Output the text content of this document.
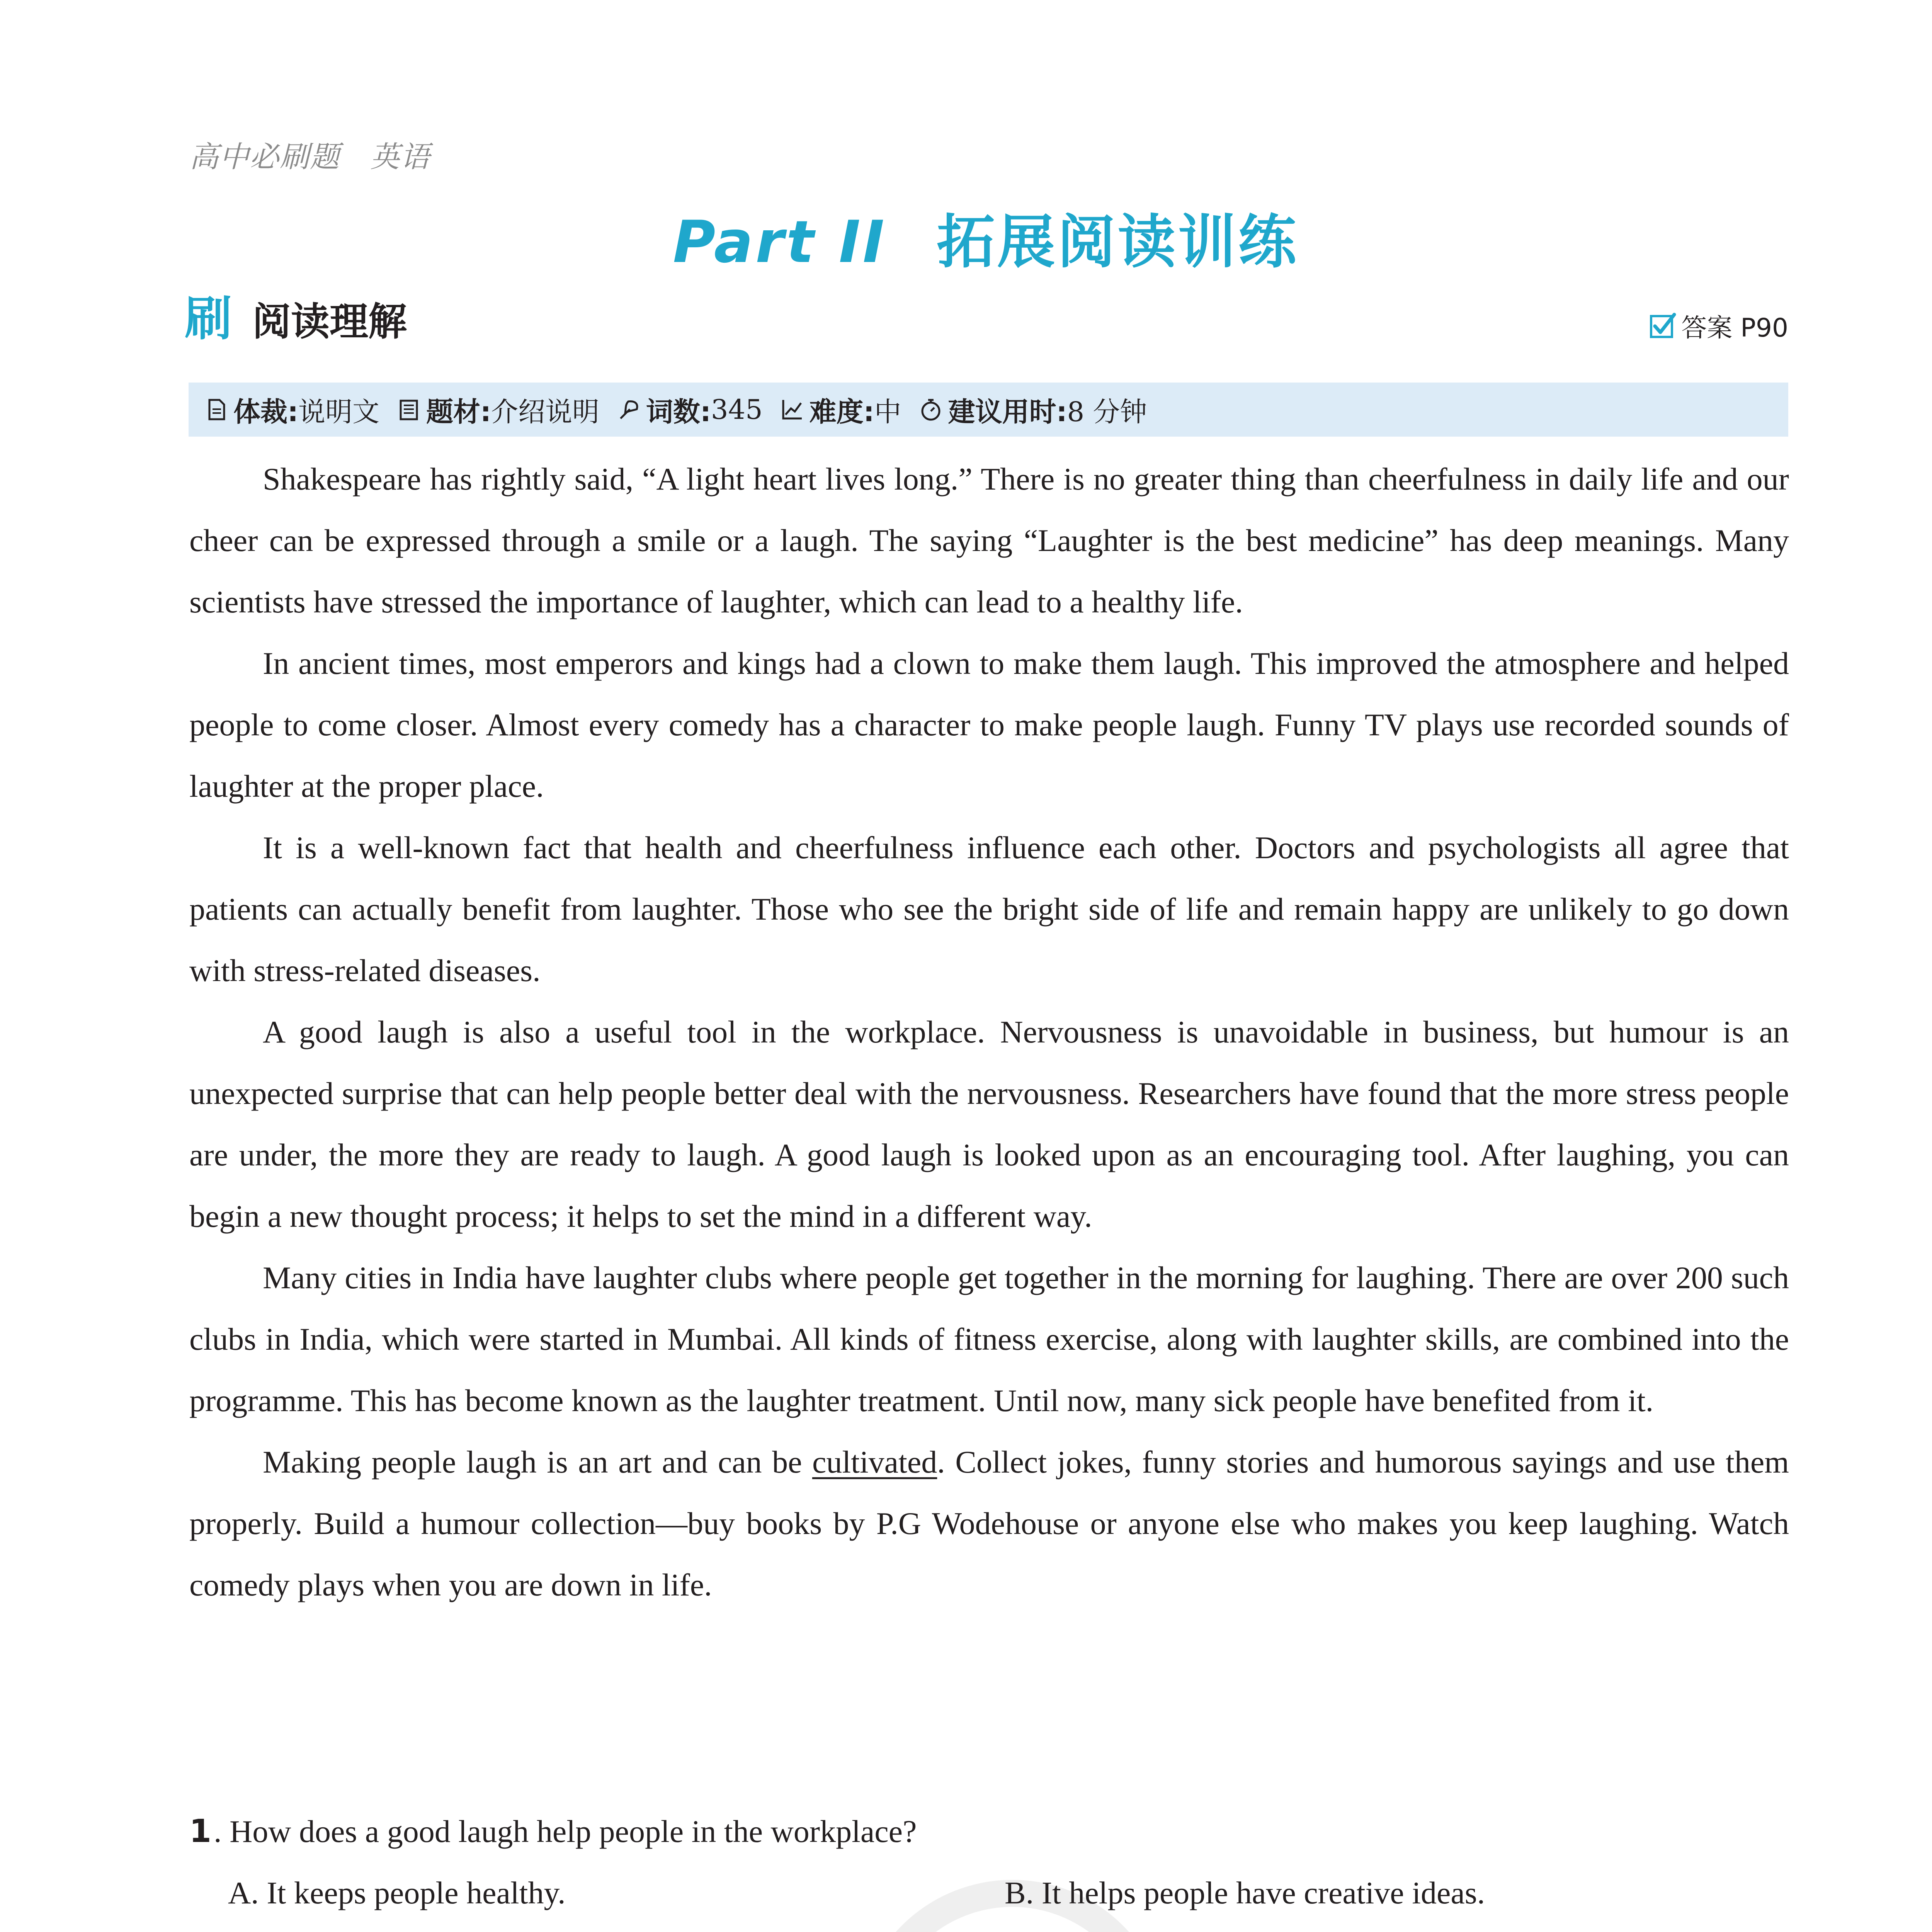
高中必刷题　英语
Part II 拓展阅读训练
刷 阅读理解	答案 P90
体裁: 说明文 题材: 介绍说明 词数: 345 难度: 中 建议用时: 8 分钟

Shakespeare has rightly said, “A light heart lives long.” There is no greater thing than cheerfulness in daily life and our cheer can be expressed through a smile or a laugh. The saying “Laughter is the best medicine” has deep meanings. Many scientists have stressed the importance of laughter, which can lead to a healthy life.

In ancient times, most emperors and kings had a clown to make them laugh. This improved the atmosphere and helped people to come closer. Almost every comedy has a character to make people laugh. Funny TV plays use recorded sounds of laughter at the proper place.

It is a well-known fact that health and cheerfulness influence each other. Doctors and psychologists all agree that patients can actually benefit from laughter. Those who see the bright side of life and remain happy are unlikely to go down with stress-related diseases.

A good laugh is also a useful tool in the workplace. Nervousness is unavoidable in business, but humour is an unexpected surprise that can help people better deal with the nervousness. Researchers have found that the more stress people are under, the more they are ready to laugh. A good laugh is looked upon as an encouraging tool. After laughing, you can begin a new thought process; it helps to set the mind in a different way.

Many cities in India have laughter clubs where people get together in the morning for laughing. There are over 200 such clubs in India, which were started in Mumbai. All kinds of fitness exercise, along with laughter skills, are combined into the programme. This has become known as the laughter treatment. Until now, many sick people have benefited from it.

Making people laugh is an art and can be cultivated. Collect jokes, funny stories and humorous sayings and use them properly. Build a humour collection—buy books by P.G Wodehouse or anyone else who makes you keep laughing. Watch comedy plays when you are down in life.

1 . How does a good laugh help people in the workplace?
A. It keeps people healthy.	B. It helps people have creative ideas.
